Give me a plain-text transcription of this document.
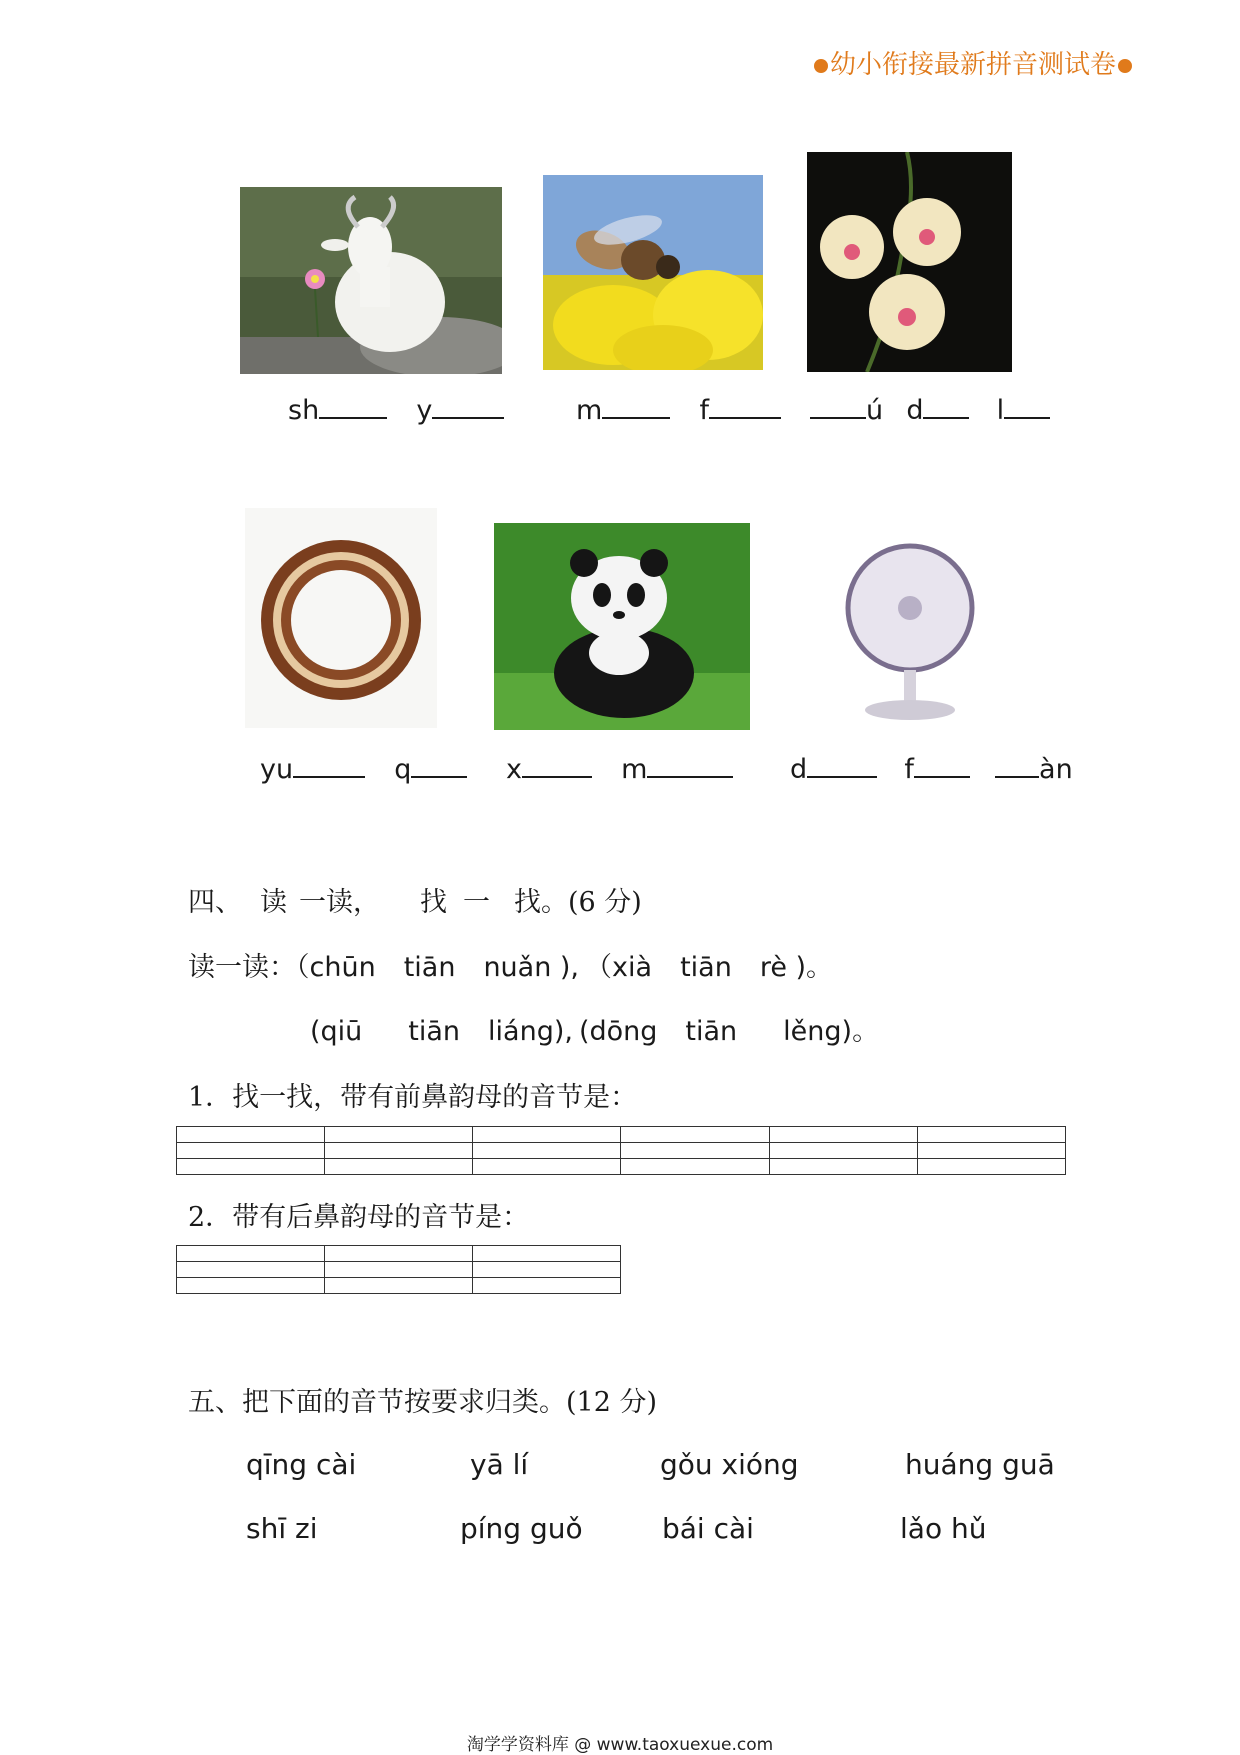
幼小衔接最新拼音测试卷
sh	y	m	f	ú d	l
yu	q	x	m	d	f	àn
四、 读 一读， 找 一 找。(6 分)
读一读：（chūn tiān nuǎn ), （xià tiān rè )。
(qiū tiān liáng), (dōng tiān lěng)。
1．找一找，带有前鼻韵母的音节是：

2．带有后鼻韵母的音节是：

五、把下面的音节按要求归类。(12 分)
qīng cài	yā lí	gǒu xióng	huáng guā
shī zi	píng guǒ	bái cài	lǎo hǔ
淘学学资料库 @ www.taoxuexue.com
